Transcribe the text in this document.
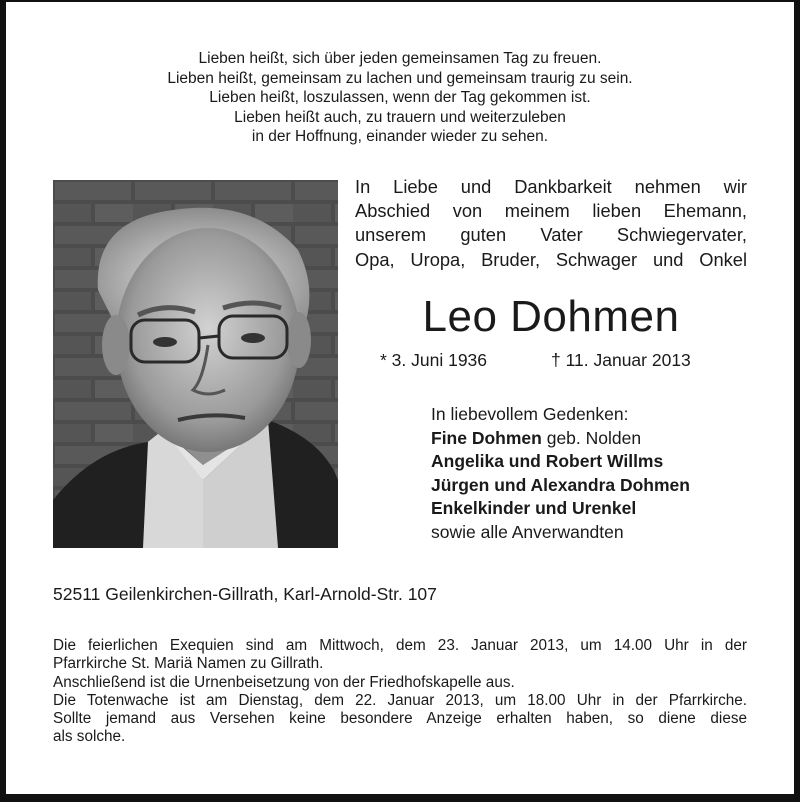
Lieben heißt, sich über jeden gemeinsamen Tag zu freuen.
Lieben heißt, gemeinsam zu lachen und gemeinsam traurig zu sein.
Lieben heißt, loszulassen, wenn der Tag gekommen ist.
Lieben heißt auch, zu trauern und weiterzuleben
in der Hoffnung, einander wieder zu sehen.
In Liebe und Dankbarkeit nehmen wir
Abschied von meinem lieben Ehemann,
unserem guten Vater Schwiegervater,
Opa, Uropa, Bruder, Schwager und Onkel
Leo Dohmen
* 3. Juni 1936	† 11. Januar 2013
In liebevollem Gedenken:
Fine Dohmen geb. Nolden
Angelika und Robert Willms
Jürgen und Alexandra Dohmen
Enkelkinder und Urenkel
sowie alle Anverwandten
52511 Geilenkirchen-Gillrath, Karl-Arnold-Str. 107
Die feierlichen Exequien sind am Mittwoch, dem 23. Januar 2013, um 14.00 Uhr in der
Pfarrkirche St. Mariä Namen zu Gillrath.
Anschließend ist die Urnenbeisetzung von der Friedhofskapelle aus.
Die Totenwache ist am Dienstag, dem 22. Januar 2013, um 18.00 Uhr in der Pfarrkirche.
Sollte jemand aus Versehen keine besondere Anzeige erhalten haben, so diene diese
als solche.
